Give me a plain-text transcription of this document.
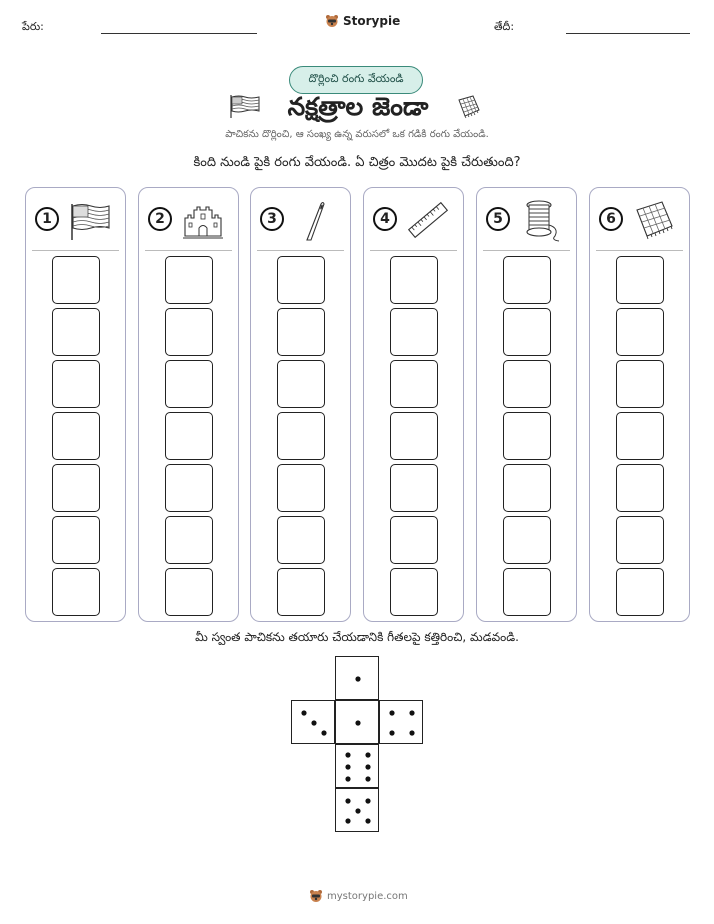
పేరు:	Storypie	తేదీ:
దొర్లించి రంగు వేయండి
నక్షత్రాల జెండా
పాచికను దొర్లించి, ఆ సంఖ్య ఉన్న వరుసలో ఒక గడికి రంగు వేయండి.
కింది నుండి పైకి రంగు వేయండి. ఏ చిత్రం మొదట పైకి చేరుతుంది?
1	2	3	4	5	6
మీ స్వంత పాచికను తయారు చేయడానికి గీతలపై కత్తిరించి, మడవండి.
mystorypie.com
